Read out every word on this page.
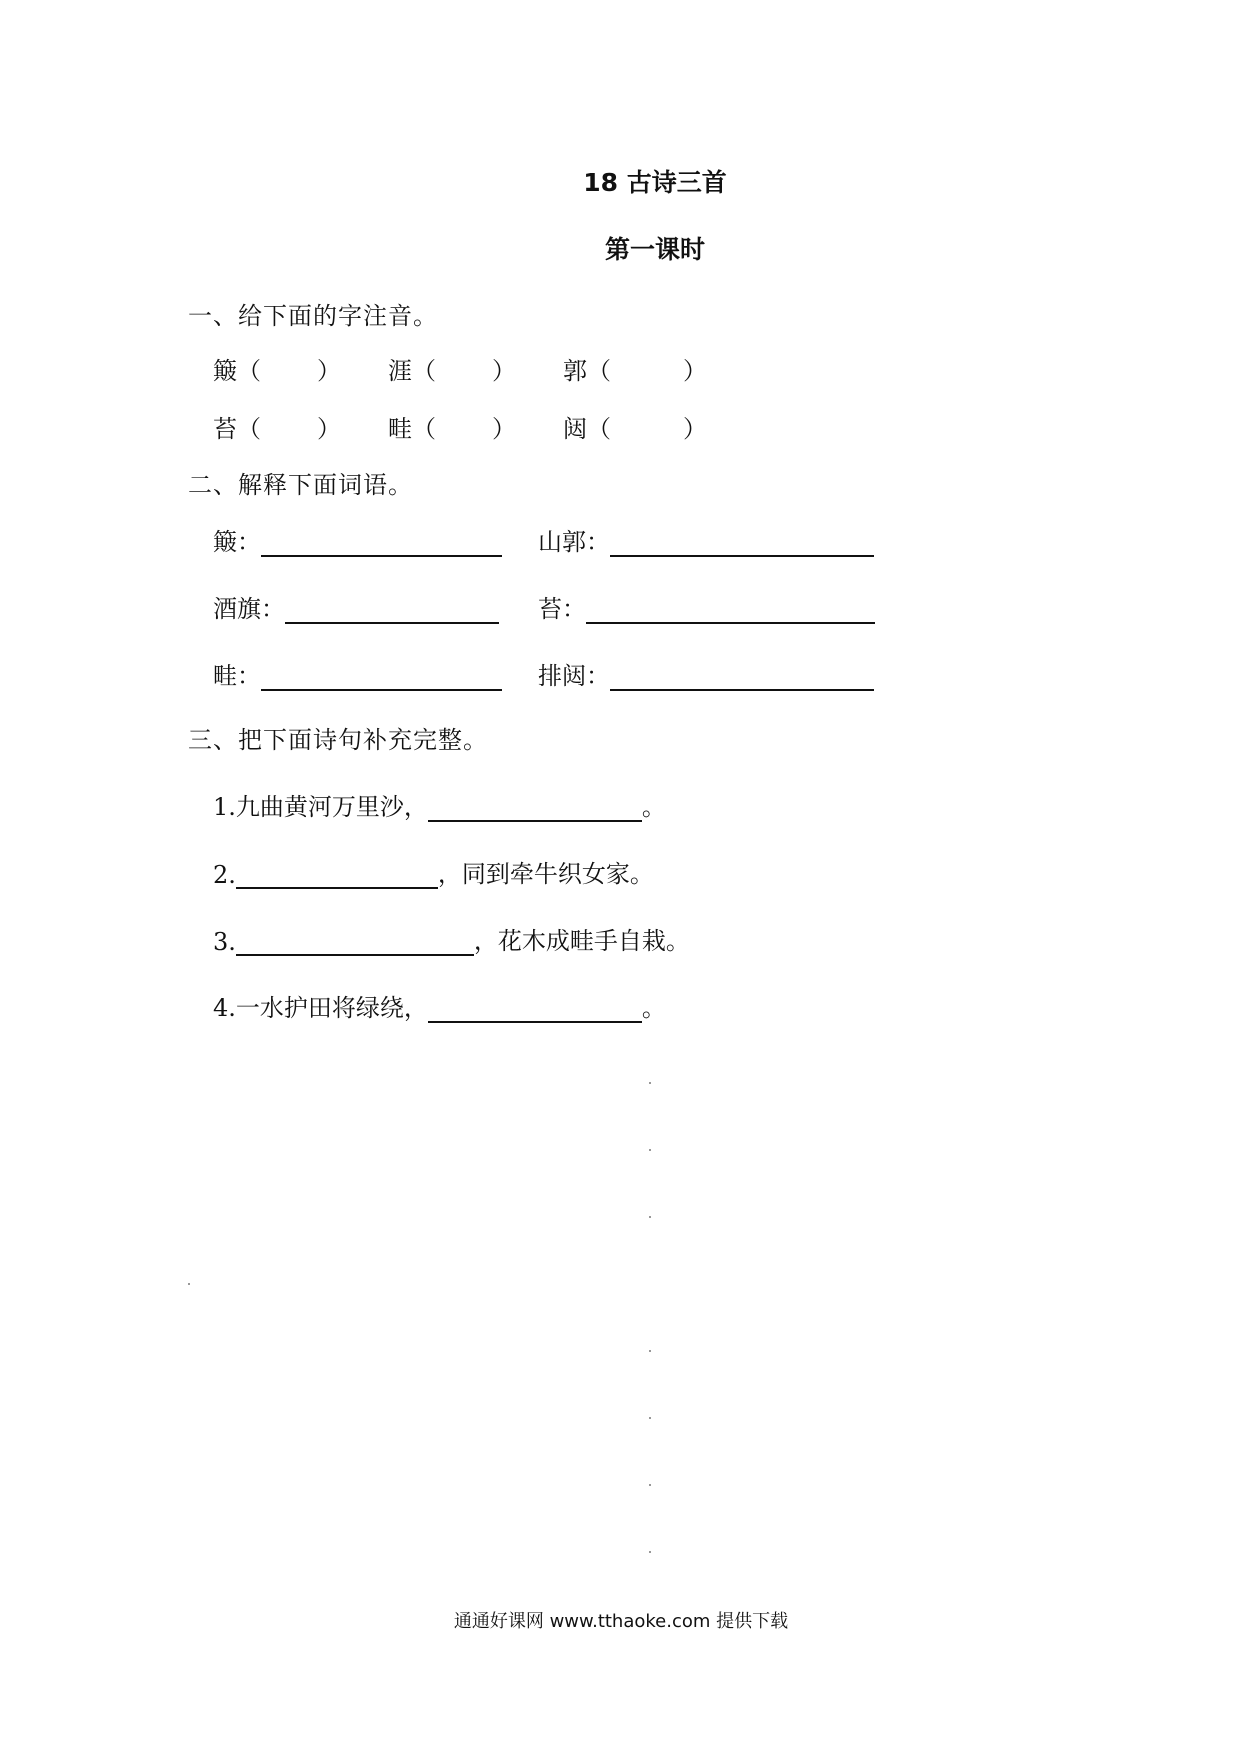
18 古诗三首
第一课时
一、给下面的字注音。
簸（ ） 涯（ ） 郭（	）
苔（ ） 畦（ ） 闼（	）
二、解释下面词语。
簸：	山郭：
酒旗：	苔：
畦：	排闼：
三、把下面诗句补充完整。
1.九曲黄河万里沙，	。
2.	，同到牵牛织女家。
3.	，花木成畦手自栽。
4.一水护田将绿绕，	。
通通好课网 www.tthaoke.com 提供下载
